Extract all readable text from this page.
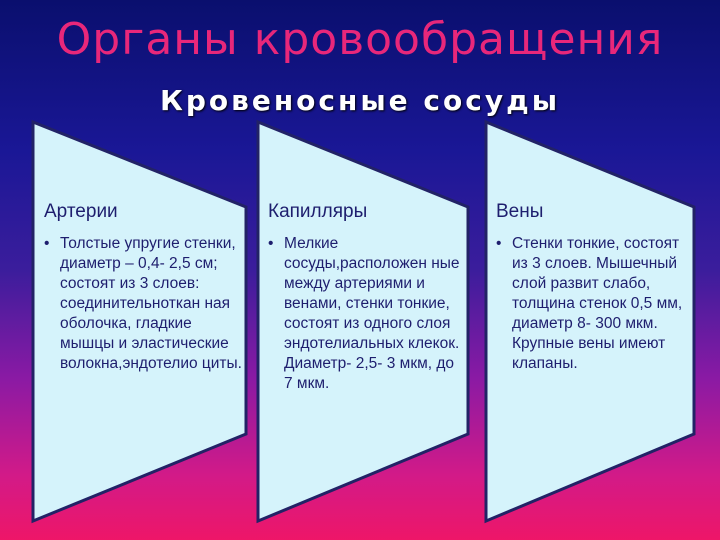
Органы кровообращения
Кровеносные сосуды
Артерии
• Толстые упругие стенки, диаметр – 0,4- 2,5 см; состоят из 3 слоев: соединительноткан ная оболочка, гладкие мышцы и эластические волокна,эндотелио циты.
Капилляры
• Мелкие сосуды,расположен ные между артериями и венами, стенки тонкие, состоят из одного слоя эндотелиальных клекок. Диаметр- 2,5- 3 мкм, до 7 мкм.
Вены
• Стенки тонкие, состоят из 3 слоев. Мышечный слой развит слабо, толщина стенок 0,5 мм, диаметр 8- 300 мкм. Крупные вены имеют клапаны.
